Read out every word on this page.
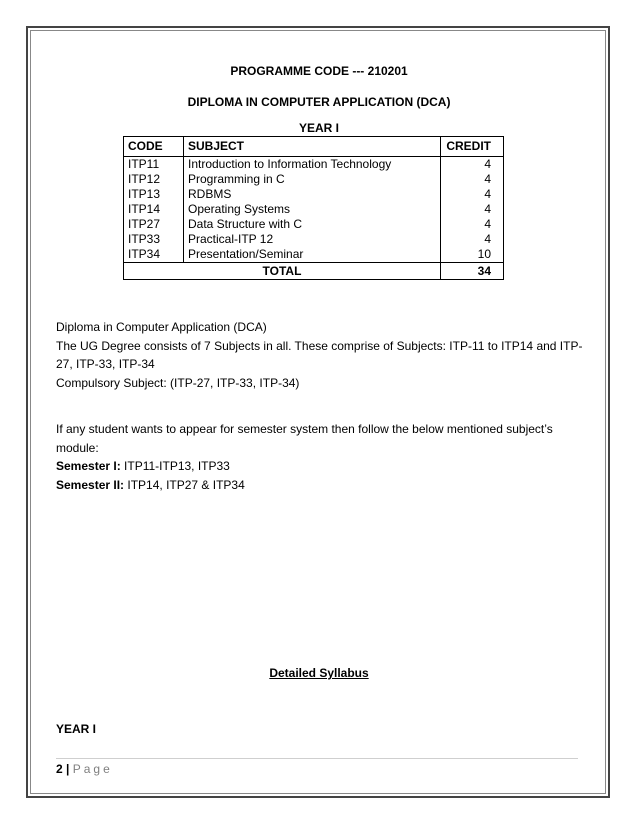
PROGRAMME CODE --- 210201
DIPLOMA IN COMPUTER APPLICATION (DCA)
YEAR I
CODE	SUBJECT	CREDIT
ITP11	Introduction to Information Technology	4
ITP12	Programming in C	4
ITP13	RDBMS	4
ITP14	Operating Systems	4
ITP27	Data Structure with C	4
ITP33	Practical-ITP 12	4
ITP34	Presentation/Seminar	10
TOTAL		34
Diploma in Computer Application (DCA)
The UG Degree consists of 7 Subjects in all. These comprise of Subjects: ITP-11 to ITP14 and ITP-27, ITP-33, ITP-34
Compulsory Subject: (ITP-27, ITP-33, ITP-34)
If any student wants to appear for semester system then follow the below mentioned subject’s module:
Semester I: ITP11-ITP13, ITP33
Semester II: ITP14, ITP27 & ITP34
Detailed Syllabus
YEAR I
2 | Page
